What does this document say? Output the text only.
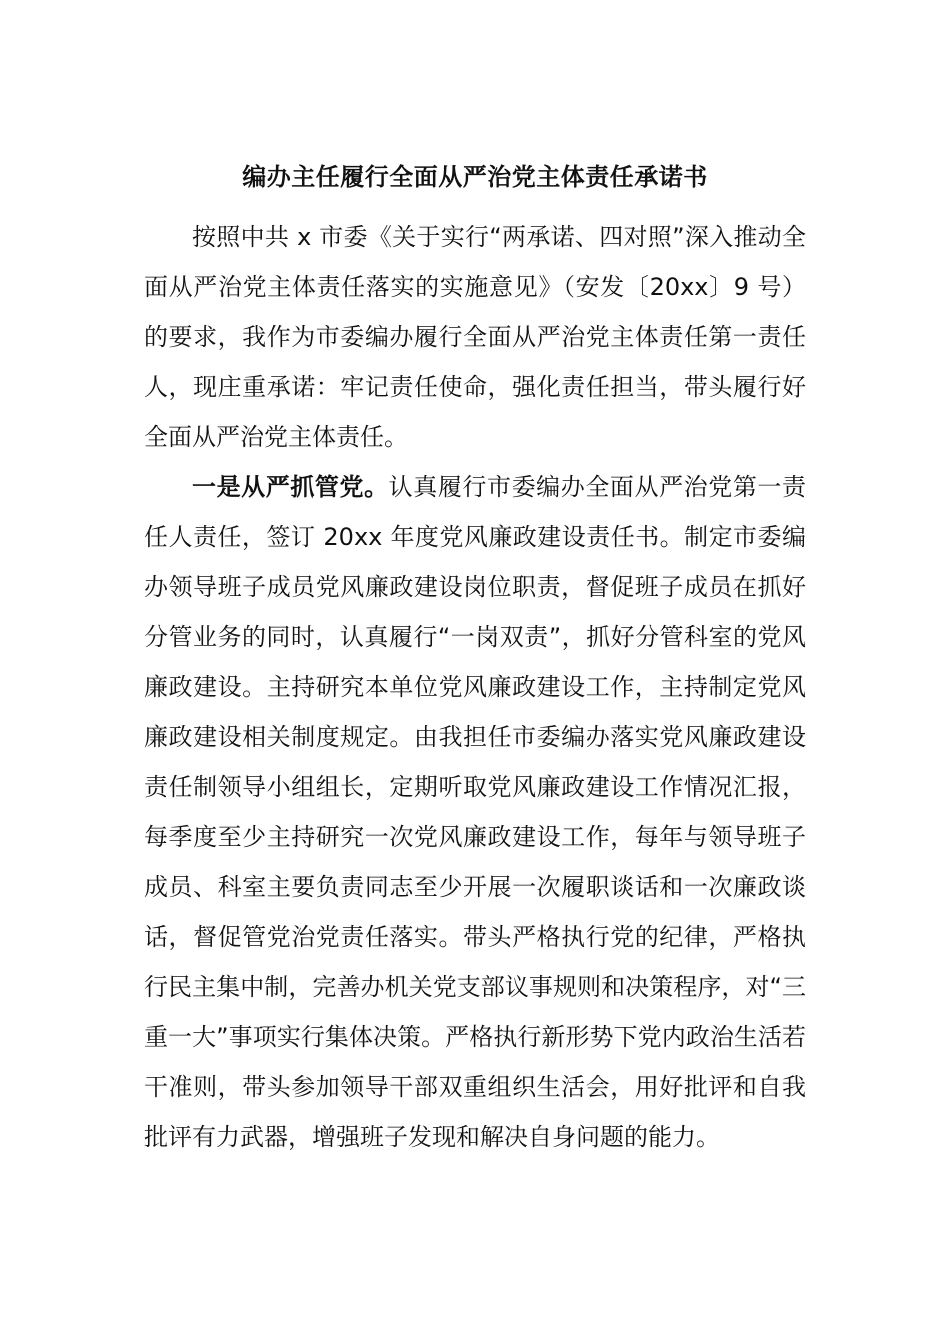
编办主任履行全面从严治党主体责任承诺书

按照中共 x 市委《关于实行“两承诺、四对照”深入推动全面从严治党主体责任落实的实施意见》（安发〔20xx〕9 号）的要求，我作为市委编办履行全面从严治党主体责任第一责任人，现庄重承诺：牢记责任使命，强化责任担当，带头履行好全面从严治党主体责任。

一是从严抓管党。认真履行市委编办全面从严治党第一责任人责任，签订 20xx 年度党风廉政建设责任书。制定市委编办领导班子成员党风廉政建设岗位职责，督促班子成员在抓好分管业务的同时，认真履行“一岗双责”，抓好分管科室的党风廉政建设。主持研究本单位党风廉政建设工作，主持制定党风廉政建设相关制度规定。由我担任市委编办落实党风廉政建设责任制领导小组组长，定期听取党风廉政建设工作情况汇报，每季度至少主持研究一次党风廉政建设工作，每年与领导班子成员、科室主要负责同志至少开展一次履职谈话和一次廉政谈话，督促管党治党责任落实。带头严格执行党的纪律，严格执行民主集中制，完善办机关党支部议事规则和决策程序，对“三重一大”事项实行集体决策。严格执行新形势下党内政治生活若干准则，带头参加领导干部双重组织生活会，用好批评和自我批评有力武器，增强班子发现和解决自身问题的能力。
